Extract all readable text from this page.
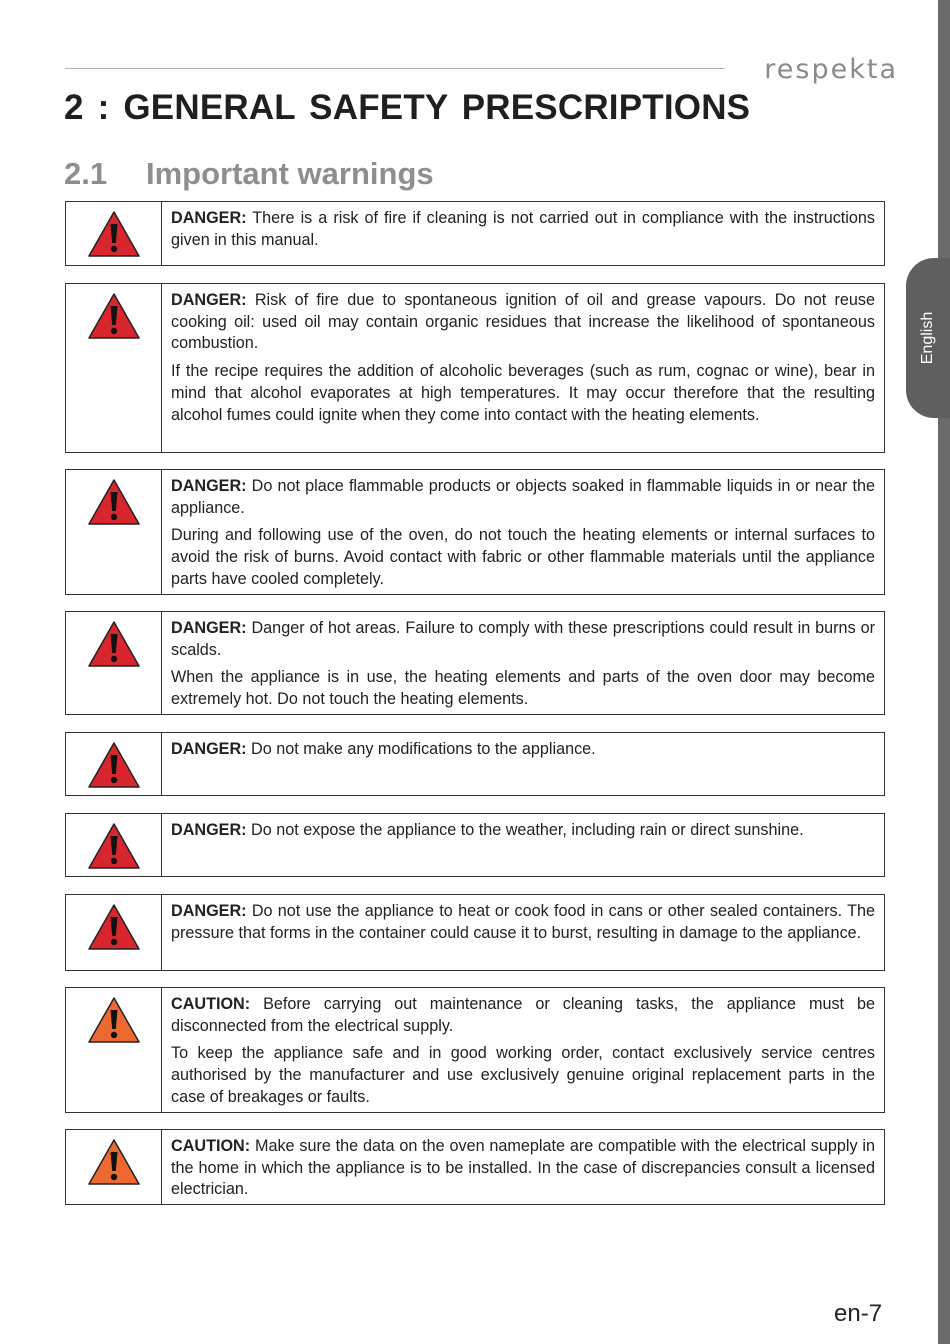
English
respekta
2 : GENERAL SAFETY PRESCRIPTIONS
2.1 Important warnings

DANGER: There is a risk of fire if cleaning is not carried out in compliance with the instructions given in this manual.

DANGER: Risk of fire due to spontaneous ignition of oil and grease vapours. Do not reuse cooking oil: used oil may contain organic residues that increase the likelihood of spontaneous combustion.

If the recipe requires the addition of alcoholic beverages (such as rum, cognac or wine), bear in mind that alcohol evaporates at high temperatures. It may occur therefore that the resulting alcohol fumes could ignite when they come into contact with the heating elements.

DANGER: Do not place flammable products or objects soaked in flammable liquids in or near the appliance.

During and following use of the oven, do not touch the heating elements or internal surfaces to avoid the risk of burns. Avoid contact with fabric or other flammable materials until the appliance parts have cooled completely.

DANGER: Danger of hot areas. Failure to comply with these prescriptions could result in burns or scalds.

When the appliance is in use, the heating elements and parts of the oven door may become extremely hot. Do not touch the heating elements.

DANGER: Do not make any modifications to the appliance.

DANGER: Do not expose the appliance to the weather, including rain or direct sunshine.

DANGER: Do not use the appliance to heat or cook food in cans or other sealed containers. The pressure that forms in the container could cause it to burst, resulting in damage to the appliance.

CAUTION: Before carrying out maintenance or cleaning tasks, the appliance must be disconnected from the electrical supply.

To keep the appliance safe and in good working order, contact exclusively service centres authorised by the manufacturer and use exclusively genuine original replacement parts in the case of breakages or faults.

CAUTION: Make sure the data on the oven nameplate are compatible with the electrical supply in the home in which the appliance is to be installed. In the case of discrepancies consult a licensed electrician.

en-7
